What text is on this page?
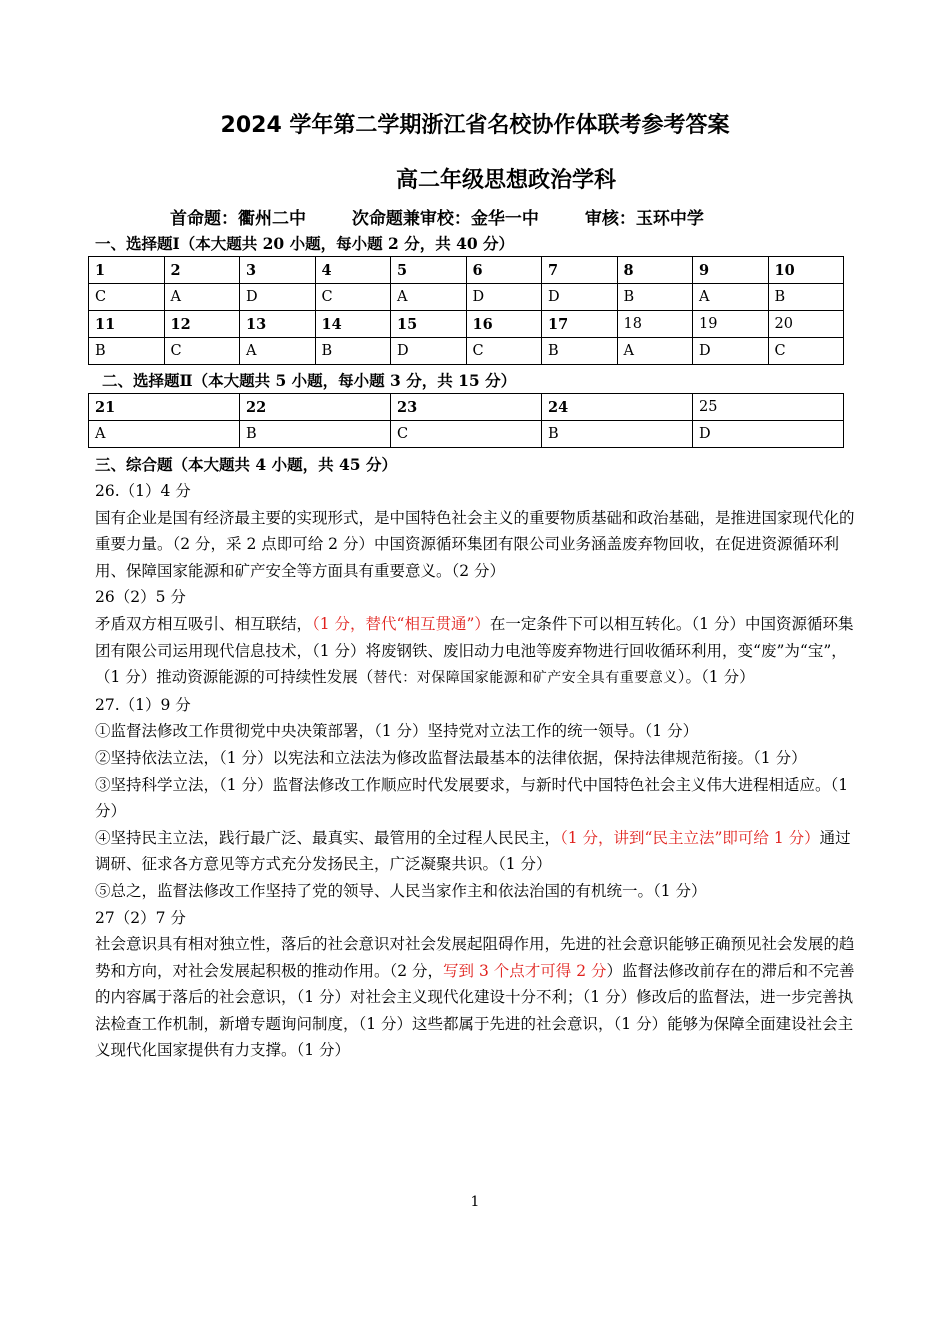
2024 学年第二学期浙江省名校协作体联考参考答案
高二年级思想政治学科
首命题：衢州二中	次命题兼审校：金华一中	审核：玉环中学
一、选择题Ⅰ（本大题共 20 小题，每小题 2 分，共 40 分）
1	2	3	4	5	6	7	8	9	10
C	A	D	C	A	D	D	B	A	B
11	12	13	14	15	16	17	18	19	20
B	C	A	B	D	C	B	A	D	C
二、选择题Ⅱ（本大题共 5 小题，每小题 3 分，共 15 分）
21	22	23	24	25
A	B	C	B	D
三、综合题（本大题共 4 小题，共 45 分）

26.（1）4 分

国有企业是国有经济最主要的实现形式，是中国特色社会主义的重要物质基础和政治基础，是推进国家现代化的重要力量。（2 分，采 2 点即可给 2 分）中国资源循环集团有限公司业务涵盖废弃物回收，在促进资源循环利用、保障国家能源和矿产安全等方面具有重要意义。（2 分）

26（2）5 分

矛盾双方相互吸引、相互联结，（1 分，替代“相互贯通”）在一定条件下可以相互转化。（1 分）中国资源循环集团有限公司运用现代信息技术，（1 分）将废钢铁、废旧动力电池等废弃物进行回收循环利用，变“废”为“宝”，（1 分）推动资源能源的可持续性发展（替代：对保障国家能源和矿产安全具有重要意义）。（1 分）

27.（1）9 分

①监督法修改工作贯彻党中央决策部署，（1 分）坚持党对立法工作的统一领导。（1 分）

②坚持依法立法，（1 分）以宪法和立法法为修改监督法最基本的法律依据，保持法律规范衔接。（1 分）

③坚持科学立法，（1 分）监督法修改工作顺应时代发展要求，与新时代中国特色社会主义伟大进程相适应。（1 分）

④坚持民主立法，践行最广泛、最真实、最管用的全过程人民民主，（1 分，讲到“民主立法”即可给 1 分）通过调研、征求各方意见等方式充分发扬民主，广泛凝聚共识。（1 分）

⑤总之，监督法修改工作坚持了党的领导、人民当家作主和依法治国的有机统一。（1 分）

27（2）7 分

社会意识具有相对独立性，落后的社会意识对社会发展起阻碍作用，先进的社会意识能够正确预见社会发展的趋势和方向，对社会发展起积极的推动作用。（2 分，写到 3 个点才可得 2 分）监督法修改前存在的滞后和不完善的内容属于落后的社会意识，（1 分）对社会主义现代化建设十分不利；（1 分）修改后的监督法，进一步完善执法检查工作机制，新增专题询问制度，（1 分）这些都属于先进的社会意识，（1 分）能够为保障全面建设社会主义现代化国家提供有力支撑。（1 分）

1
